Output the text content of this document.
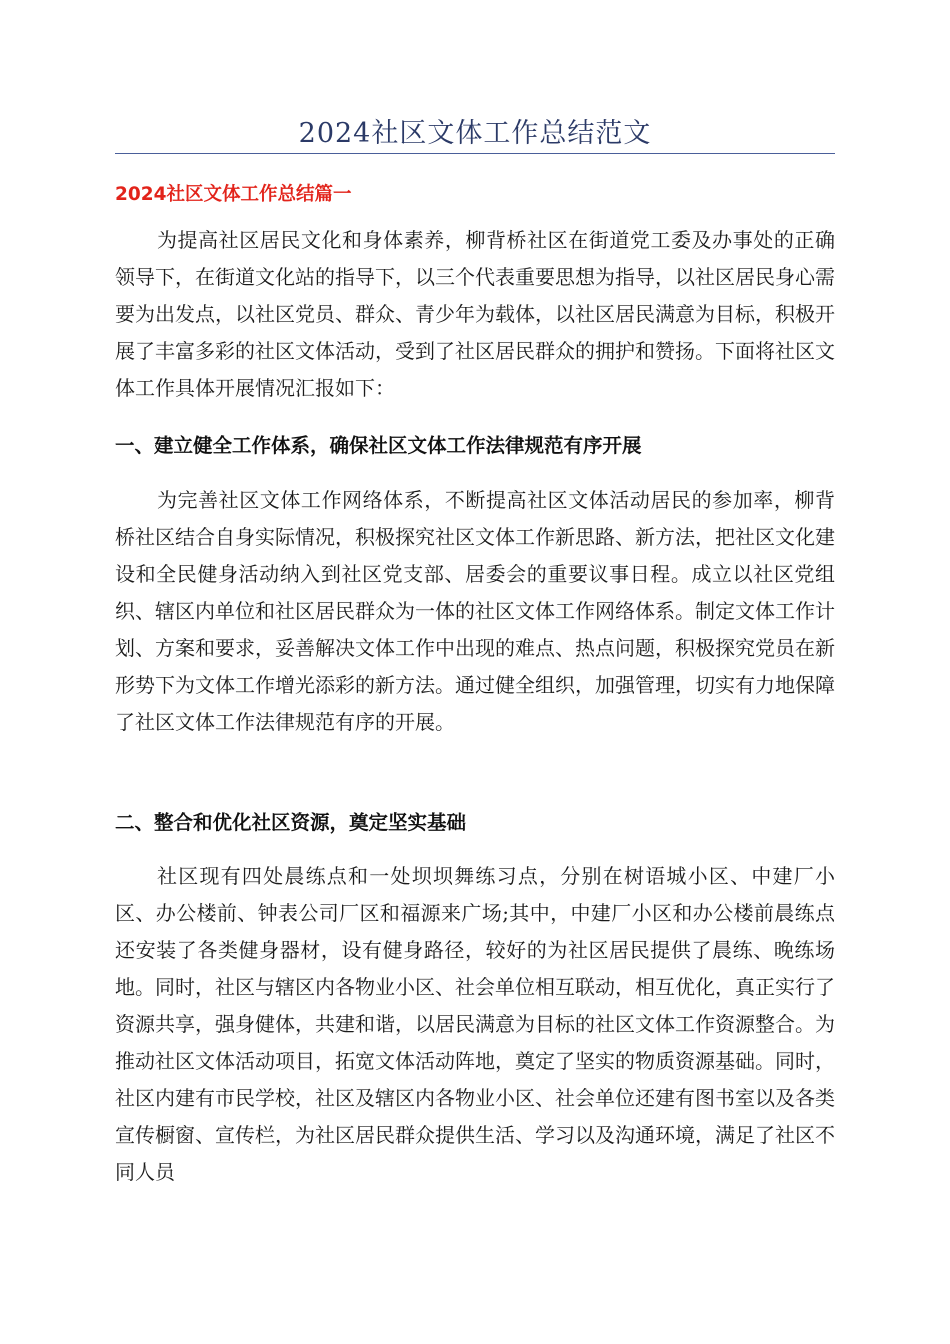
2024社区文体工作总结范文
2024社区文体工作总结篇一

为提高社区居民文化和身体素养，柳背桥社区在街道党工委及办事处的正确领导下，在街道文化站的指导下，以三个代表重要思想为指导，以社区居民身心需要为出发点，以社区党员、群众、青少年为载体，以社区居民满意为目标，积极开展了丰富多彩的社区文体活动，受到了社区居民群众的拥护和赞扬。下面将社区文体工作具体开展情况汇报如下：

一、建立健全工作体系，确保社区文体工作法律规范有序开展

为完善社区文体工作网络体系，不断提高社区文体活动居民的参加率，柳背桥社区结合自身实际情况，积极探究社区文体工作新思路、新方法，把社区文化建设和全民健身活动纳入到社区党支部、居委会的重要议事日程。成立以社区党组织、辖区内单位和社区居民群众为一体的社区文体工作网络体系。制定文体工作计划、方案和要求，妥善解决文体工作中出现的难点、热点问题，积极探究党员在新形势下为文体工作增光添彩的新方法。通过健全组织，加强管理，切实有力地保障了社区文体工作法律规范有序的开展。

二、整合和优化社区资源，奠定坚实基础

社区现有四处晨练点和一处坝坝舞练习点，分别在树语城小区、中建厂小区、办公楼前、钟表公司厂区和福源来广场;其中，中建厂小区和办公楼前晨练点还安装了各类健身器材，设有健身路径，较好的为社区居民提供了晨练、晚练场地。同时，社区与辖区内各物业小区、社会单位相互联动，相互优化，真正实行了资源共享，强身健体，共建和谐，以居民满意为目标的社区文体工作资源整合。为推动社区文体活动项目，拓宽文体活动阵地，奠定了坚实的物质资源基础。同时，社区内建有市民学校，社区及辖区内各物业小区、社会单位还建有图书室以及各类宣传橱窗、宣传栏，为社区居民群众提供生活、学习以及沟通环境，满足了社区不同人员
